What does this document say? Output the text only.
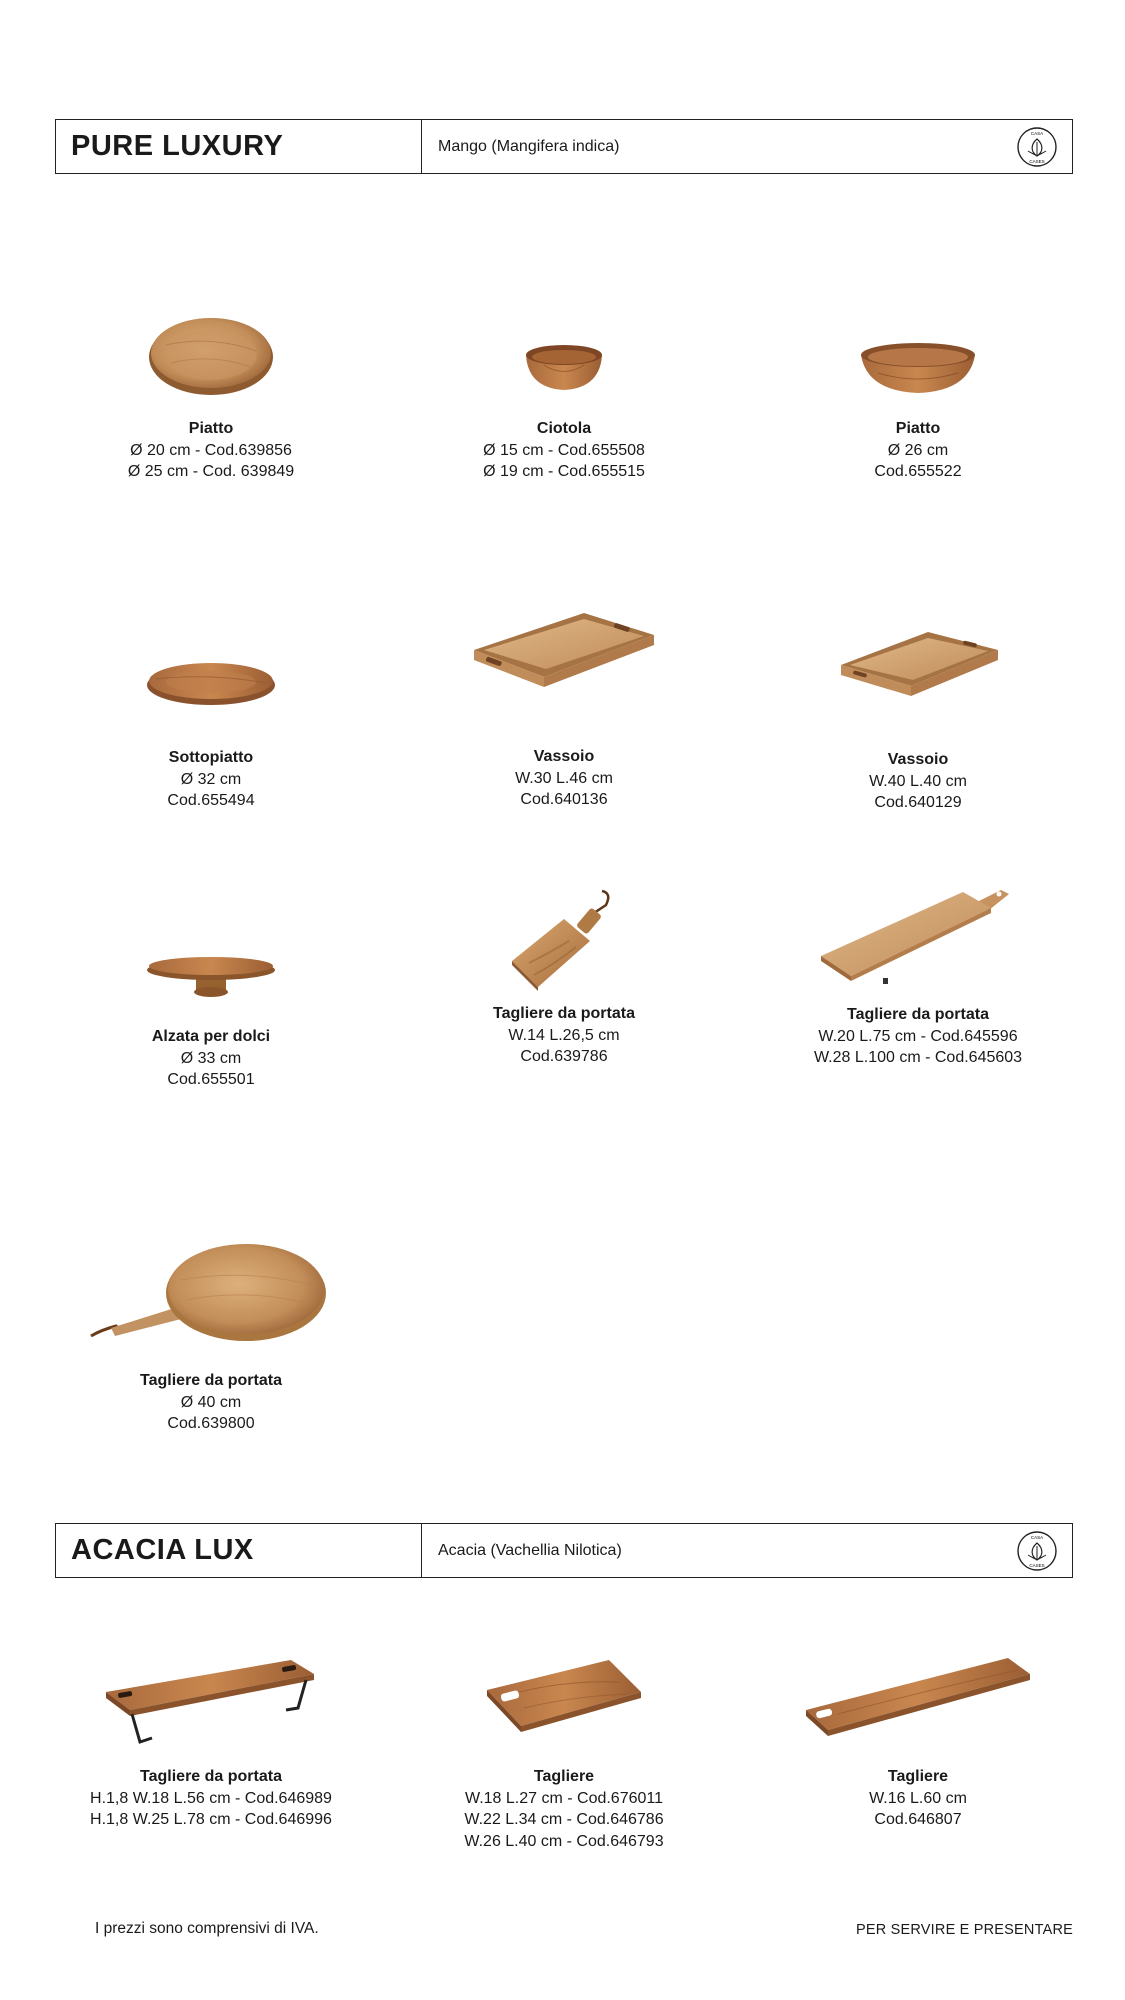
PURE LUXURY	Mango (Mangifera indica)
CASA
CASES
Piatto
Ø 20 cm - Cod.639856
Ø 25 cm - Cod. 639849
Ciotola
Ø 15 cm - Cod.655508
Ø 19 cm - Cod.655515
Piatto
Ø 26 cm
Cod.655522
Sottopiatto
Ø 32 cm
Cod.655494
Vassoio
W.30 L.46 cm
Cod.640136
Vassoio
W.40 L.40 cm
Cod.640129
Alzata per dolci
Ø 33 cm
Cod.655501
Tagliere da portata
W.14 L.26,5 cm
Cod.639786
Tagliere da portata
W.20 L.75 cm - Cod.645596
W.28 L.100 cm - Cod.645603
Tagliere da portata
Ø 40 cm
Cod.639800
ACACIA LUX	Acacia (Vachellia Nilotica)
CASA
CASES
Tagliere da portata
H.1,8 W.18 L.56 cm - Cod.646989
H.1,8 W.25 L.78 cm - Cod.646996
Tagliere
W.18 L.27 cm - Cod.676011
W.22 L.34 cm - Cod.646786
W.26 L.40 cm - Cod.646793
Tagliere
W.16 L.60 cm
Cod.646807
I prezzi sono comprensivi di IVA.	PER SERVIRE E PRESENTARE
